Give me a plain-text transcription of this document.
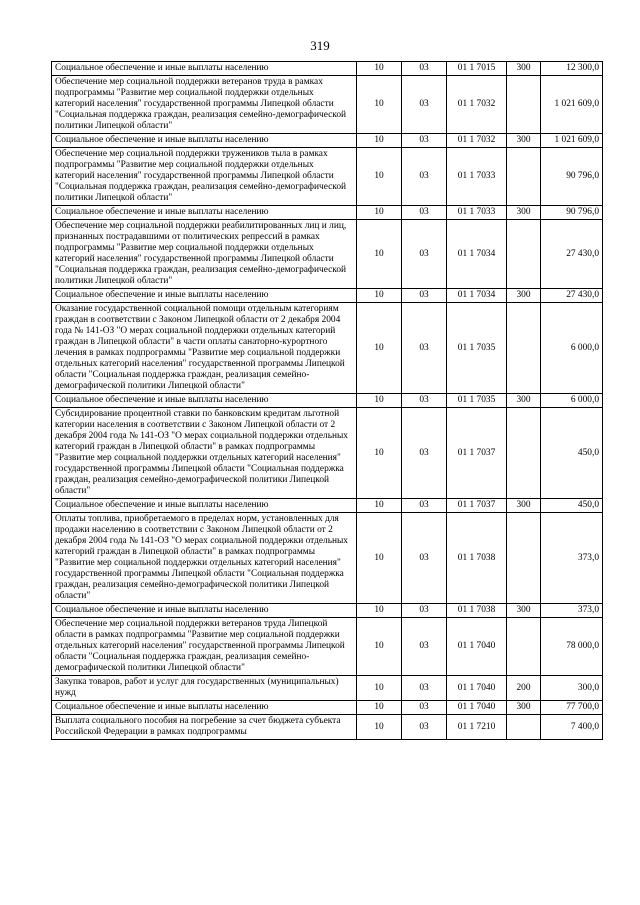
319
Социальное обеспечение и иные выплаты населению	10	03	01 1 7015	300	12 300,0
Обеспечение мер социальной поддержки ветеранов труда в рамках подпрограммы "Развитие мер социальной поддержки отдельных категорий населения" государственной программы Липецкой области "Социальная поддержка граждан, реализация семейно-демографической политики Липецкой области"	10	03	01 1 7032		1 021 609,0
Социальное обеспечение и иные выплаты населению	10	03	01 1 7032	300	1 021 609,0
Обеспечение мер социальной поддержки тружеников тыла в рамках подпрограммы "Развитие мер социальной поддержки отдельных категорий населения" государственной программы Липецкой области "Социальная поддержка граждан, реализация семейно-демографической политики Липецкой области"	10	03	01 1 7033		90 796,0
Социальное обеспечение и иные выплаты населению	10	03	01 1 7033	300	90 796,0
Обеспечение мер социальной поддержки реабилитированных лиц и лиц, признанных пострадавшими от политических репрессий в рамках подпрограммы "Развитие мер социальной поддержки отдельных категорий населения" государственной программы Липецкой области "Социальная поддержка граждан, реализация семейно-демографической политики Липецкой области"	10	03	01 1 7034		27 430,0
Социальное обеспечение и иные выплаты населению	10	03	01 1 7034	300	27 430,0
Оказание государственной социальной помощи отдельным категориям граждан в соответствии с Законом Липецкой области от 2 декабря 2004 года № 141-ОЗ "О мерах социальной поддержки отдельных категорий граждан в Липецкой области" в части оплаты санаторно-курортного лечения в рамках подпрограммы "Развитие мер социальной поддержки отдельных категорий населения" государственной программы Липецкой области "Социальная поддержка граждан, реализация семейно-демографической политики Липецкой области"	10	03	01 1 7035		6 000,0
Социальное обеспечение и иные выплаты населению	10	03	01 1 7035	300	6 000,0
Субсидирование процентной ставки по банковским кредитам льготной категории населения в соответствии с Законом Липецкой области от 2 декабря 2004 года № 141-ОЗ "О мерах социальной поддержки отдельных категорий граждан в Липецкой области" в рамках подпрограммы "Развитие мер социальной поддержки отдельных категорий населения" государственной программы Липецкой области "Социальная поддержка граждан, реализация семейно-демографической политики Липецкой области"	10	03	01 1 7037		450,0
Социальное обеспечение и иные выплаты населению	10	03	01 1 7037	300	450,0
Оплаты топлива, приобретаемого в пределах норм, установленных для продажи населению в соответствии с Законом Липецкой области от 2 декабря 2004 года № 141-ОЗ "О мерах социальной поддержки отдельных категорий граждан в Липецкой области" в рамках подпрограммы "Развитие мер социальной поддержки отдельных категорий населения" государственной программы Липецкой области "Социальная поддержка граждан, реализация семейно-демографической политики Липецкой области"	10	03	01 1 7038		373,0
Социальное обеспечение и иные выплаты населению	10	03	01 1 7038	300	373,0
Обеспечение мер социальной поддержки ветеранов труда Липецкой области в рамках подпрограммы "Развитие мер социальной поддержки отдельных категорий населения" государственной программы Липецкой области "Социальная поддержка граждан, реализация семейно-демографической политики Липецкой области"	10	03	01 1 7040		78 000,0
Закупка товаров, работ и услуг для государственных (муниципальных) нужд	10	03	01 1 7040	200	300,0
Социальное обеспечение и иные выплаты населению	10	03	01 1 7040	300	77 700,0
Выплата социального пособия на погребение за счет бюджета субъекта Российской Федерации в рамках подпрограммы	10	03	01 1 7210		7 400,0
